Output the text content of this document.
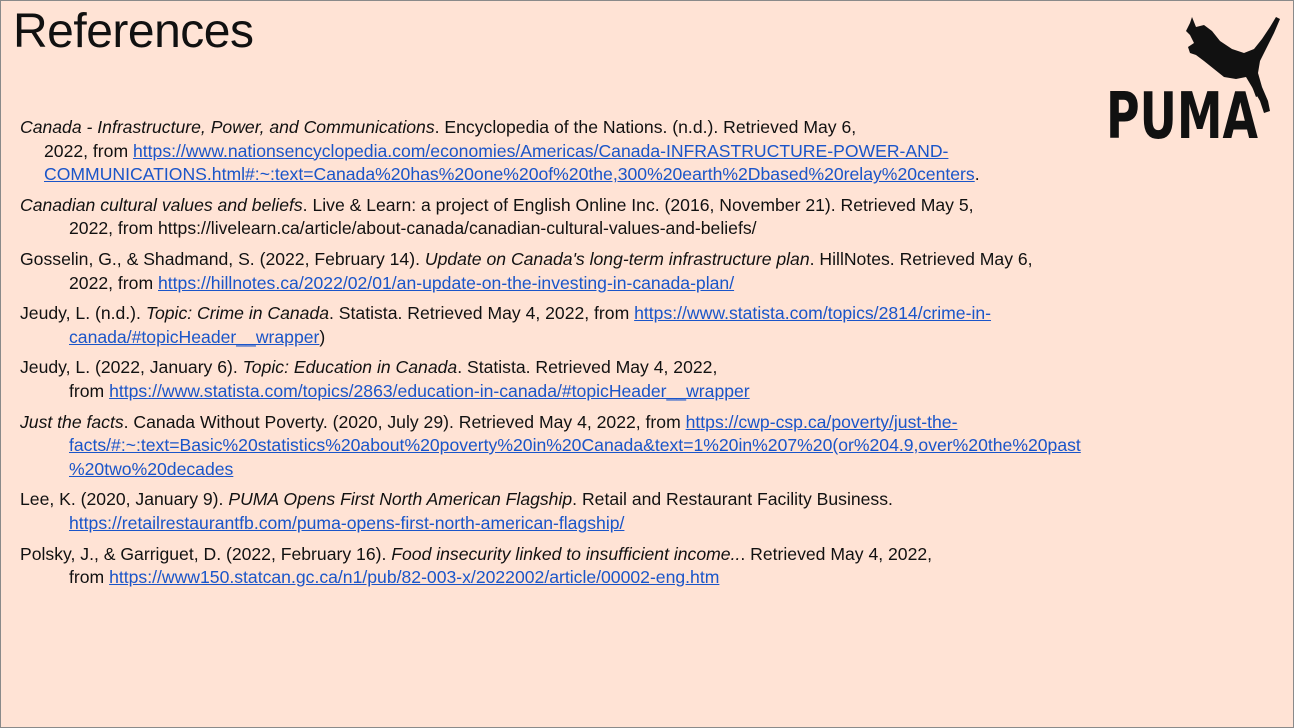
References
PUMA
Canada - Infrastructure, Power, and Communications. Encyclopedia of the Nations. (n.d.). Retrieved May 6,
2022, from https://www.nationsencyclopedia.com/economies/Americas/Canada-INFRASTRUCTURE-POWER-AND-
COMMUNICATIONS.html#:~:text=Canada%20has%20one%20of%20the,300%20earth%2Dbased%20relay%20centers.
Canadian cultural values and beliefs. Live & Learn: a project of English Online Inc. (2016, November 21). Retrieved May 5,
2022, from https://livelearn.ca/article/about-canada/canadian-cultural-values-and-beliefs/
Gosselin, G., & Shadmand, S. (2022, February 14). Update on Canada's long-term infrastructure plan. HillNotes. Retrieved May 6,
2022, from https://hillnotes.ca/2022/02/01/an-update-on-the-investing-in-canada-plan/
Jeudy, L. (n.d.). Topic: Crime in Canada. Statista. Retrieved May 4, 2022, from https://www.statista.com/topics/2814/crime-in-
canada/#topicHeader__wrapper)
Jeudy, L. (2022, January 6). Topic: Education in Canada. Statista. Retrieved May 4, 2022,
from https://www.statista.com/topics/2863/education-in-canada/#topicHeader__wrapper
Just the facts. Canada Without Poverty. (2020, July 29). Retrieved May 4, 2022, from https://cwp-csp.ca/poverty/just-the-
facts/#:~:text=Basic%20statistics%20about%20poverty%20in%20Canada&text=1%20in%207%20(or%204.9,over%20the%20past
%20two%20decades
Lee, K. (2020, January 9). PUMA Opens First North American Flagship. Retail and Restaurant Facility Business.
https://retailrestaurantfb.com/puma-opens-first-north-american-flagship/
Polsky, J., & Garriguet, D. (2022, February 16). Food insecurity linked to insufficient income... Retrieved May 4, 2022,
from https://www150.statcan.gc.ca/n1/pub/82-003-x/2022002/article/00002-eng.htm
